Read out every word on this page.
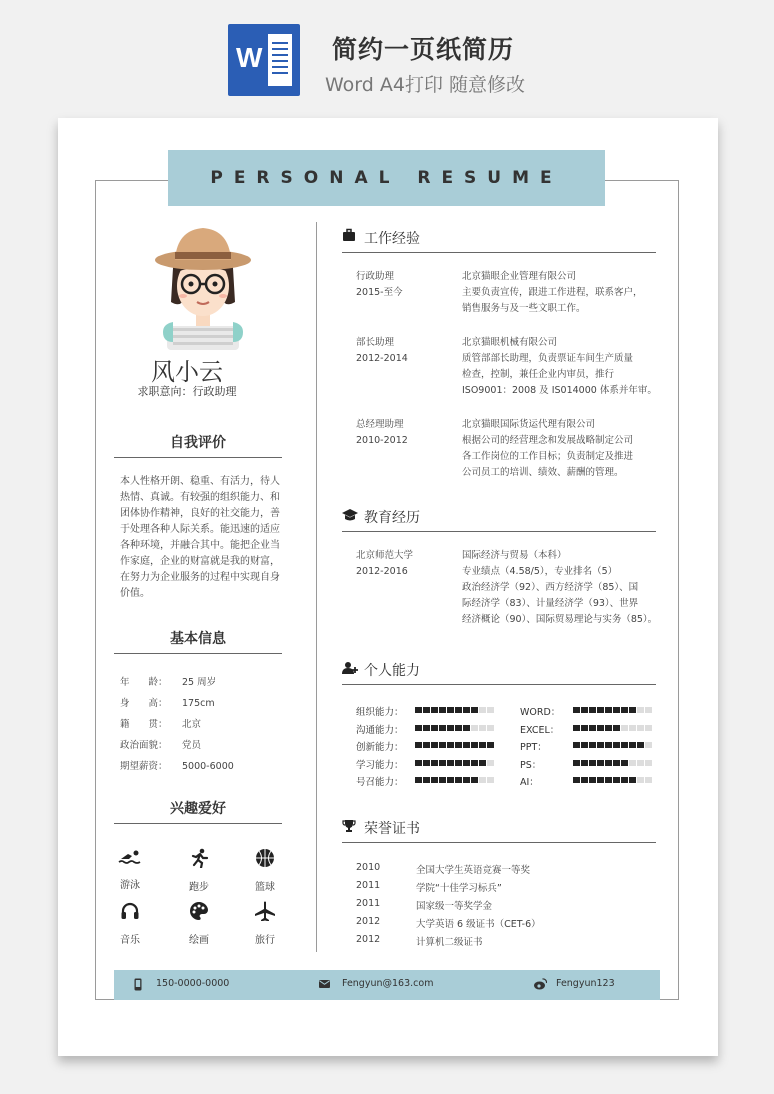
W	简约一页纸简历
Word A4打印 随意修改
PERSONAL RESUME
风小云
求职意向：行政助理
自我评价
本人性格开朗、稳重、有活力，待人热情、真诚。有较强的组织能力、和团体协作精神，良好的社交能力，善于处理各种人际关系。能迅速的适应各种环境，并融合其中。能把企业当作家庭，企业的财富就是我的财富，在努力为企业服务的过程中实现自身价值。
基本信息
年　　龄： 25 周岁
身　　高： 175cm
籍　　贯： 北京
政治面貌： 党员
期望薪资： 5000-6000
兴趣爱好
游泳	跑步	篮球
音乐	绘画	旅行
工作经验
行政助理
2015-至今
北京猫眼企业管理有限公司
主要负责宣传，跟进工作进程，联系客户，
销售服务与及一些文职工作。
部长助理
2012-2014
北京猫眼机械有限公司
质管部部长助理，负责票证车间生产质量
检查，控制，兼任企业内审员，推行
ISO9001：2008 及 IS014000 体系并年审。
总经理助理
2010-2012
北京猫眼国际货运代理有限公司
根据公司的经营理念和发展战略制定公司
各工作岗位的工作目标；负责制定及推进
公司员工的培训、绩效、薪酬的管理。
教育经历
北京师范大学
2012-2016
国际经济与贸易（本科）
专业绩点（4.58/5），专业排名（5）
政治经济学（92）、西方经济学（85）、国
际经济学（83）、计量经济学（93）、世界
经济概论（90）、国际贸易理论与实务（85）。
个人能力
组织能力：
沟通能力：
创新能力：
学习能力：
号召能力：
WORD：
EXCEL：
PPT：
PS：
AI：
荣誉证书
2010	全国大学生英语竞赛一等奖
2011	学院“十佳学习标兵”
2011	国家级一等奖学金
2012	大学英语 6 级证书（CET-6）
2012	计算机二级证书
150-0000-0000	Fengyun@163.com	Fengyun123
